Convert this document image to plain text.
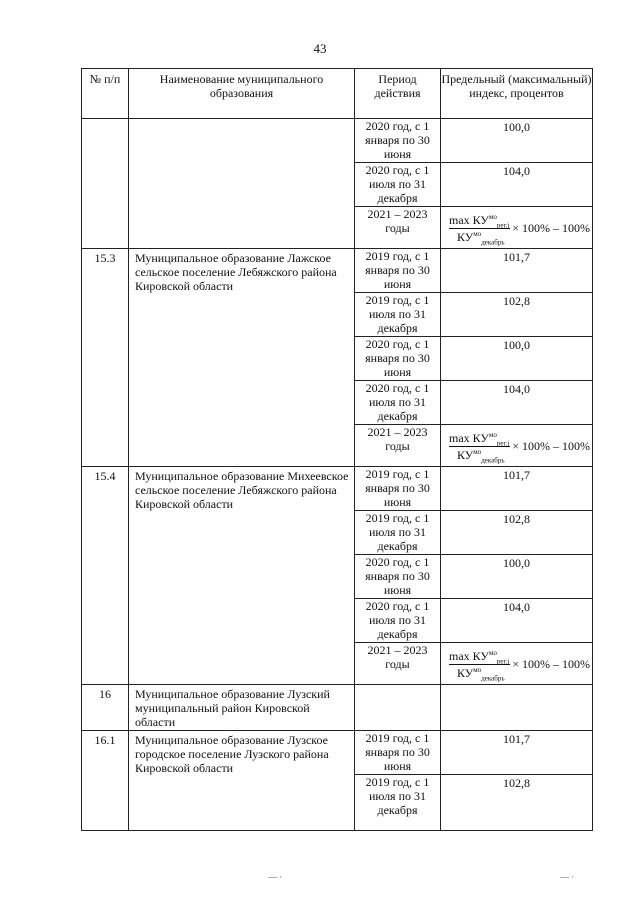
43
№ п/п	Наименование муниципального образования	Период действия	Предельный (максимальный) индекс, процентов
		2020 год, с 1 января по 30 июня	100,0
		2020 год, с 1 июля по 31 декабря	104,0
		2021 – 2023 годы	$\frac{\max КУ^{мо}_{рег.j}}{КУ^{мо}_{декабрь}} \times 100\% - 100\%$

15.3	Муниципальное образование Лажское сельское поселение Лебяжского района Кировской области	2019 год, с 1 января по 30 июня	101,7
		2019 год, с 1 июля по 31 декабря	102,8
		2020 год, с 1 января по 30 июня	100,0
		2020 год, с 1 июля по 31 декабря	104,0
		2021 – 2023 годы	$\frac{\max КУ^{мо}_{рег.j}}{КУ^{мо}_{декабрь}} \times 100\% - 100\%$

15.4	Муниципальное образование Михеевское сельское поселение Лебяжского района Кировской области	2019 год, с 1 января по 30 июня	101,7
		2019 год, с 1 июля по 31 декабря	102,8
		2020 год, с 1 января по 30 июня	100,0
		2020 год, с 1 июля по 31 декабря	104,0
		2021 – 2023 годы	$\frac{\max КУ^{мо}_{рег.j}}{КУ^{мо}_{декабрь}} \times 100\% - 100\%$

16	Муниципальное образование Лузский муниципальный район Кировской области		
16.1	Муниципальное образование Лузское городское поселение Лузского района Кировской области	2019 год, с 1 января по 30 июня	101,7
		2019 год, с 1 июля по 31 декабря	102,8
— ·	— ·
